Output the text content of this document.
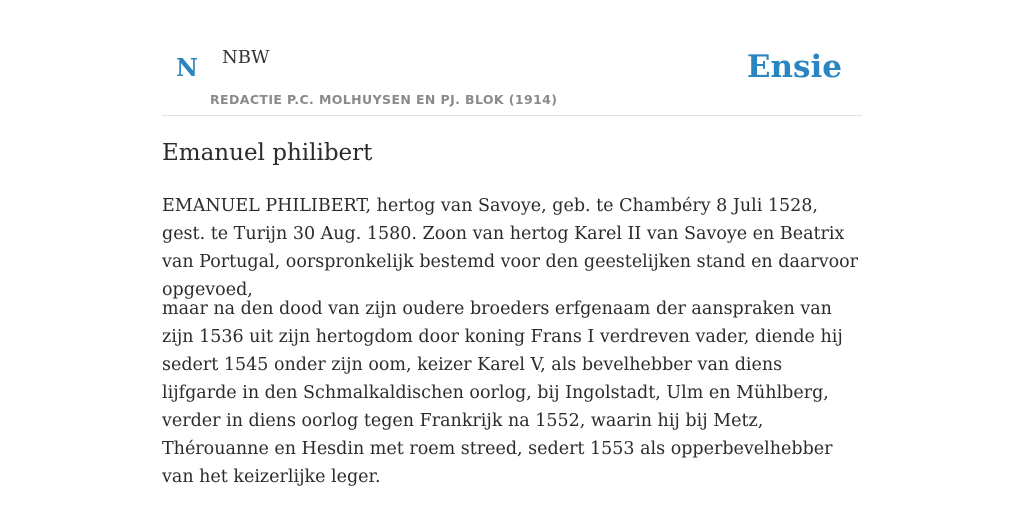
N NBW
REDACTIE P.C. MOLHUYSEN EN PJ. BLOK (1914)
Ensie
Emanuel philibert

EMANUEL PHILIBERT, hertog van Savoye, geb. te Chambéry 8 Juli 1528, gest. te Turijn 30 Aug. 1580. Zoon van hertog Karel II van Savoye en Beatrix van Portugal, oorspronkelijk bestemd voor den geestelijken stand en daarvoor opgevoed,

maar na den dood van zijn oudere broeders erfgenaam der aanspraken van zijn 1536 uit zijn hertogdom door koning Frans I verdreven vader, diende hij sedert 1545 onder zijn oom, keizer Karel V, als bevelhebber van diens lijfgarde in den Schmalkaldischen oorlog, bij Ingolstadt, Ulm en Mühlberg, verder in diens oorlog tegen Frankrijk na 1552, waarin hij bij Metz, Thérouanne en Hesdin met roem streed, sedert 1553 als opperbevelhebber van het keizerlijke leger.
